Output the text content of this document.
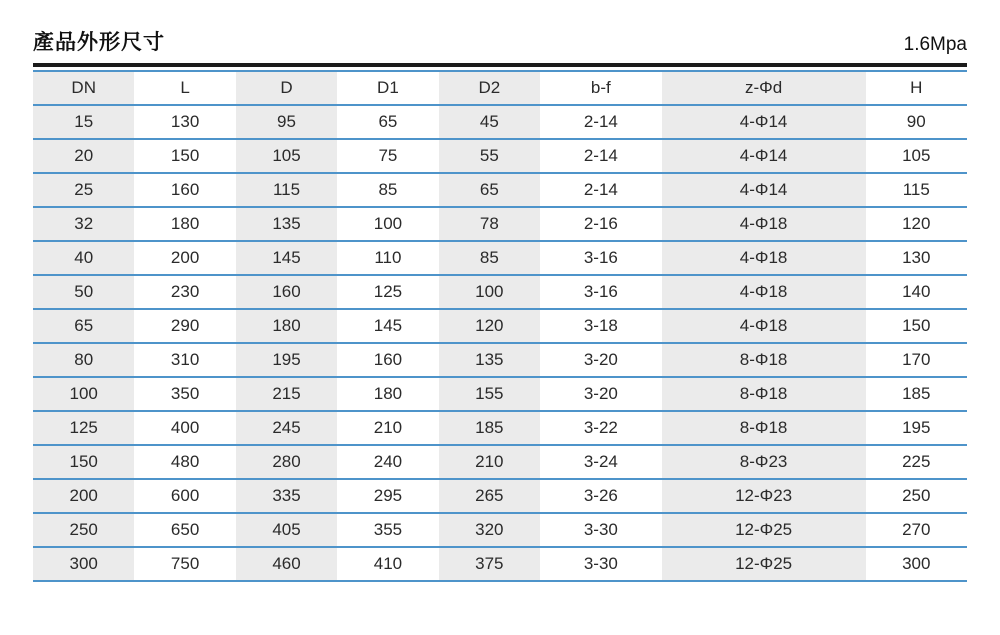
產品外形尺寸	1.6Mpa
DN	L	D	D1	D2	b-f	z-Φd	H
15	130	95	65	45	2-14	4-Φ14	90
20	150	105	75	55	2-14	4-Φ14	105
25	160	115	85	65	2-14	4-Φ14	115
32	180	135	100	78	2-16	4-Φ18	120
40	200	145	110	85	3-16	4-Φ18	130
50	230	160	125	100	3-16	4-Φ18	140
65	290	180	145	120	3-18	4-Φ18	150
80	310	195	160	135	3-20	8-Φ18	170
100	350	215	180	155	3-20	8-Φ18	185
125	400	245	210	185	3-22	8-Φ18	195
150	480	280	240	210	3-24	8-Φ23	225
200	600	335	295	265	3-26	12-Φ23	250
250	650	405	355	320	3-30	12-Φ25	270
300	750	460	410	375	3-30	12-Φ25	300
